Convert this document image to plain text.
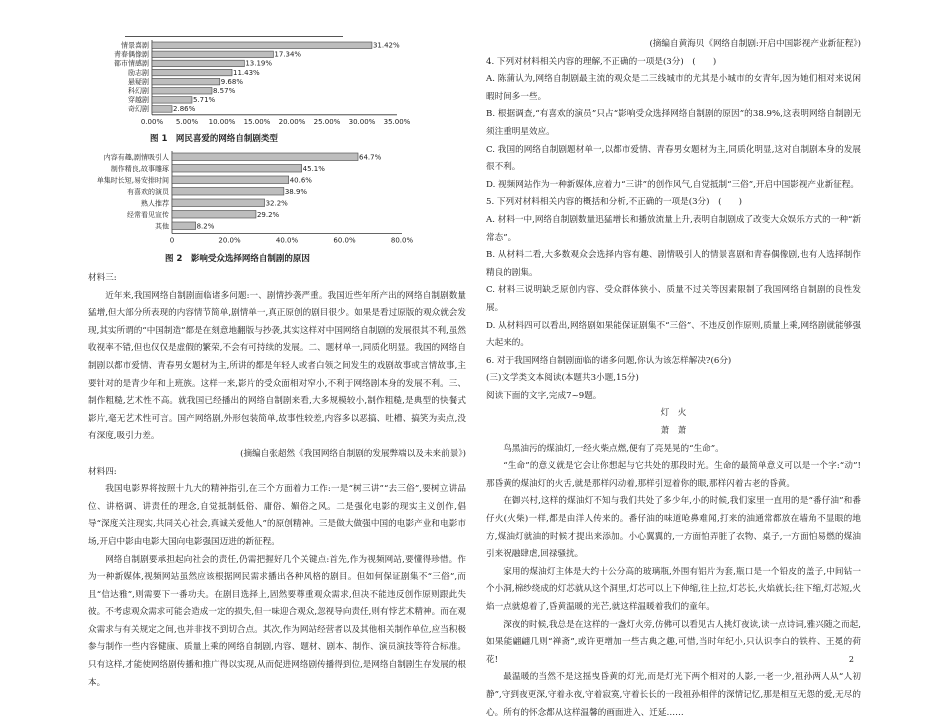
情景喜剧	31.42%
青春偶像剧	17.34%
都市情感剧	13.19%
励志剧	11.43%
悬疑剧	9.68%
科幻剧	8.57%
穿越剧	5.71%
奇幻剧	2.86%
0.00% 5.00% 10.00% 15.00% 20.00% 25.00% 30.00% 35.00%
图 1　网民喜爱的网络自制剧类型
内容有趣,剧情吸引人	64.7%
制作精良,故事雕琢	45.1%
单集时长短,易安排时间	40.6%
有喜欢的演员	38.9%
熟人推荐	32.2%
经常看见宣传	29.2%
其他	8.2%
0	20.0%	40.0%	60.0%	80.0%
图 2　影响受众选择网络自制剧的原因

材料三:

近年来,我国网络自制剧面临诸多问题:一、剧情抄袭严重。我国近些年所产出的网络自制剧数量猛增,但大部分所表现的内容情节简单,剧情单一,真正原创的剧目很少。如果是看过原版的观众就会发现,其实所谓的“中国制造”都是在刻意地翻版与抄袭,其实这样对中国网络自制剧的发展很其不利,虽然收视率不错,但也仅仅是虚假的繁荣,不会有可持续的发展。二、题材单一,同质化明显。我国的网络自制剧以都市爱情、青春男女题材为主,所讲的都是年轻人或者白领之间发生的戏剧故事或言情故事,主要针对的是青少年和上班族。这样一来,影片的受众面相对窄小,不利于网络剧本身的发展不利。三、制作粗糙,艺术性不高。就我国已经播出的网络自制剧来看,大多规模较小,制作粗糙,是典型的快餐式影片,毫无艺术性可言。国产网络剧,外形包装简单,故事性较差,内容多以恶搞、吐槽、搞笑为卖点,没有深度,吸引力差。

(摘编自张超然《我国网络自制剧的发展弊端以及未来前景》)

材料四:

我国电影界将按照十九大的精神指引,在三个方面着力工作:一是“树三讲”“去三俗”,要树立讲品位、讲格调、讲责任的理念,自觉抵制低俗、庸俗、媚俗之风。二是强化电影的现实主义创作,倡导“深度关注现实,共同关心社会,真诚关爱他人”的原创精神。三是做大做强中国的电影产业和电影市场,开启中影由电影大国向电影强国迈进的新征程。

网络自制剧要承担起向社会的责任,仍需把握好几个关键点:首先,作为视频网站,要懂得珍惜。作为一种新媒体,视频网站虽然应该根据网民需求播出各种风格的剧目。但如何保证剧集不“三俗”,而且“信达雅”,则需要下一番功夫。在剧目选择上,固然要尊重观众需求,但决不能违反创作原则跟此失彼。不考虑观众需求可能会造成一定的损失,但一味迎合观众,忽视导向责任,则有悖艺术精神。而在观众需求与有关规定之间,也并非找不到切合点。其次,作为网站经营者以及其他相关制作单位,应当积极参与制作一些内容健康、质量上乘的网络自制剧,内容、题材、剧本、制作、演员演技等符合标准。只有这样,才能使网络剧传播和推广得以实现,从而促进网络剧传播得到位,是网络自制剧生存发展的根本。

(摘编自黄海贝《网络自制剧:开启中国影视产业新征程》)

4. 下列对材料相关内容的理解,不正确的一项是(3分)　(　　)

A. 陈蒲认为,网络自制剧最主流的观众是二三线城市的尤其是小城市的女青年,因为她们相对来说闲暇时间多一些。

B. 根据调查,“有喜欢的演员”只占“影响受众选择网络自制剧的原因”的38.9%,这表明网络自制剧无须注重明星效应。

C. 我国的网络自制剧题材单一,以都市爱情、青春男女题材为主,同质化明显,这对自制剧本身的发展很不利。

D. 视频网站作为一种新媒体,应着力“三讲”的创作风气,自觉抵制“三俗”,开启中国影视产业新征程。

5. 下列对材料相关内容的概括和分析,不正确的一项是(3分)　(　　)

A. 材料一中,网络自制剧数量迅猛增长和播放流量上升,表明自制剧成了改变大众娱乐方式的一种“新常态”。

B. 从材料二看,大多数观众会选择内容有趣、剧情吸引人的情景喜剧和青春偶像剧,也有人选择制作精良的剧集。

C. 材料三说明缺乏原创内容、受众群体狭小、质量不过关等因素限制了我国网络自制剧的良性发展。

D. 从材料四可以看出,网络剧如果能保证剧集不“三俗”、不违反创作原则,质量上乘,网络剧就能够强大起来的。

6. 对于我国网络自制剧面临的诸多问题,你认为该怎样解决?(6分)

(三)文学类文本阅读(本题共3小题,15分)

阅读下面的文字,完成7~9题。

灯　火

萧　萧

鸟黑油污的煤油灯,一经火柴点燃,便有了亮晃晃的“生命”。

“生命”的意义就是它会让你想起与它共处的那段时光。生命的最简单意义可以是一个字:“动”!那昏黄的煤油灯的火舌,就是那样闪动着,那样引逗着你的眼,那样闪着古老的昏黄。

在御兴村,这样的煤油灯不知与我们共处了多少年,小的时候,我们家里一直用的是“番仔油”和番仔火(火柴)一样,都是由洋人传来的。番仔油的味道呛鼻难闻,打来的油通常都放在墙角不显眼的地方,煤油灯就油的时候才提出来添加。小心翼翼的,一方面怕弄脏了衣物、桌子,一方面怕易燃的煤油引来祝融肆虐,回禄骚扰。

家用的煤油灯主体是大约十公分高的玻璃瓶,外围有铝片为套,瓶口是一个铅皮的盖子,中间钻一个小洞,棉纱绕成的灯芯就从这个洞里,灯芯可以上下伸缩,往上拉,灯芯长,火焰就长;往下缩,灯芯短,火焰一点就熄着了,昏黄温暖的光芒,就这样温暖着我们的童年。

深夜的时候,我总是在这样的一盏灯火旁,仿佛可以看见古人挑灯夜读,读一点诗词,雅兴随之而起,如果能翩翩几则“禅斋”,或许更增加一些古典之趣,可惜,当时年纪小,只认识李白的铁杵、王冕的荷花!

最温暖的当然不是这摇曳昏黄的灯光,而是灯光下两个相对的人影,一老一少,祖孙两人从“人初静”,守到夜更深,守着永夜,守着寂寞,守着长长的一段祖孙相伴的深情记忆,那是相互无怨的爱,无尽的心。所有的怀念都从这样温馨的画面进入、迁延……

2
